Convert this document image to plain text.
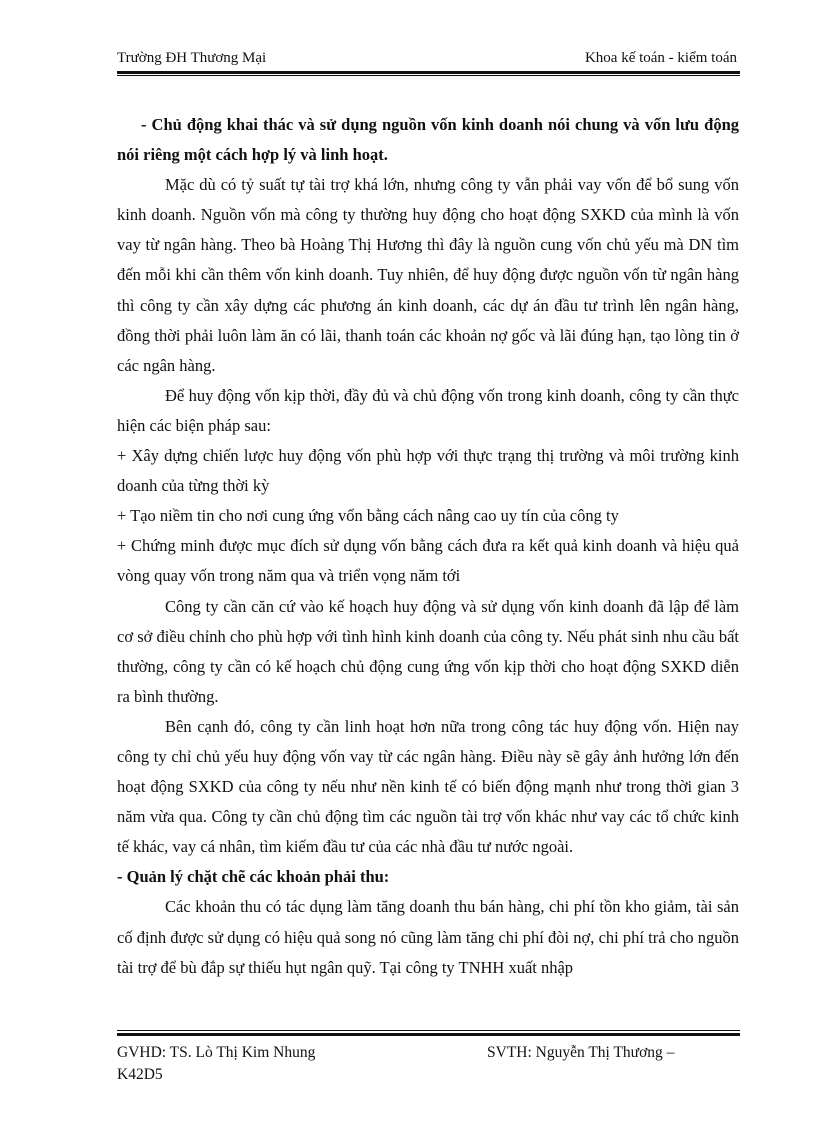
Trường ĐH Thương Mại	Khoa kế toán - kiểm toán

- Chủ động khai thác và sử dụng nguồn vốn kinh doanh nói chung và vốn lưu động nói riêng một cách hợp lý và linh hoạt.

Mặc dù có tỷ suất tự tài trợ khá lớn, nhưng công ty vẫn phải vay vốn để bổ sung vốn kinh doanh. Nguồn vốn mà công ty thường huy động cho hoạt động SXKD của mình là vốn vay từ ngân hàng. Theo bà Hoàng Thị Hương thì đây là nguồn cung vốn chủ yếu mà DN tìm đến mỗi khi cần thêm vốn kinh doanh. Tuy nhiên, để huy động được nguồn vốn từ ngân hàng thì công ty cần xây dựng các phương án kinh doanh, các dự án đầu tư trình lên ngân hàng, đồng thời phải luôn làm ăn có lãi, thanh toán các khoản nợ gốc và lãi đúng hạn, tạo lòng tin ở các ngân hàng.

Để huy động vốn kịp thời, đầy đủ và chủ động vốn trong kinh doanh, công ty cần thực hiện các biện pháp sau:

+ Xây dựng chiến lược huy động vốn phù hợp với thực trạng thị trường và môi trường kinh doanh của từng thời kỳ

+ Tạo niềm tin cho nơi cung ứng vốn bằng cách nâng cao uy tín của công ty

+ Chứng minh được mục đích sử dụng vốn bằng cách đưa ra kết quả kinh doanh và hiệu quả vòng quay vốn trong năm qua và triển vọng năm tới

Công ty cần căn cứ vào kế hoạch huy động và sử dụng vốn kinh doanh đã lập để làm cơ sở điều chỉnh cho phù hợp với tình hình kinh doanh của công ty. Nếu phát sinh nhu cầu bất thường, công ty cần có kế hoạch chủ động cung ứng vốn kịp thời cho hoạt động SXKD diễn ra bình thường.

Bên cạnh đó, công ty cần linh hoạt hơn nữa trong công tác huy động vốn. Hiện nay công ty chỉ chủ yếu huy động vốn vay từ các ngân hàng. Điều này sẽ gây ảnh hưởng lớn đến hoạt động SXKD của công ty nếu như nền kinh tế có biến động mạnh như trong thời gian 3 năm vừa qua. Công ty cần chủ động tìm các nguồn tài trợ vốn khác như vay các tổ chức kinh tế khác, vay cá nhân, tìm kiếm đầu tư của các nhà đầu tư nước ngoài.

- Quản lý chặt chẽ các khoản phải thu:

Các khoản thu có tác dụng làm tăng doanh thu bán hàng, chi phí tồn kho giảm, tài sản cố định được sử dụng có hiệu quả song nó cũng làm tăng chi phí đòi nợ, chi phí trả cho nguồn tài trợ để bù đắp sự thiếu hụt ngân quỹ. Tại công ty TNHH xuất nhập

GVHD: TS. Lò Thị Kim Nhung	SVTH: Nguyễn Thị Thương –
K42D5
